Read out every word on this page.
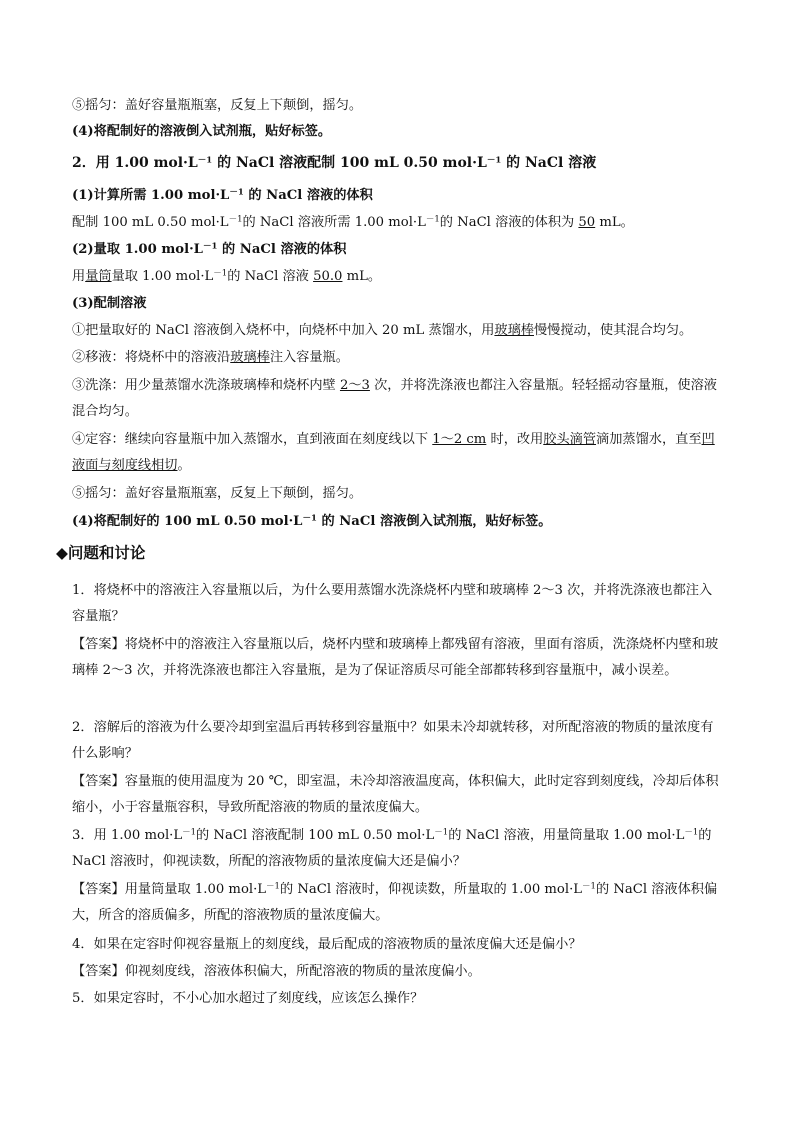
⑤摇匀：盖好容量瓶瓶塞，反复上下颠倒，摇匀。

(4)将配制好的溶液倒入试剂瓶，贴好标签。

2．用 1.00 $mol\cdot L^{-1}$ 的 NaCl 溶液配制 100 mL 0.50 $mol\cdot L^{-1}$ 的 NaCl 溶液

(1)计算所需 1.00 $mol\cdot L^{-1}$ 的 NaCl 溶液的体积

配制 100 mL 0.50 $mol\cdot L^{-1}$的 NaCl 溶液所需 1.00 $mol\cdot L^{-1}$的 NaCl 溶液的体积为 50 mL。

(2)量取 1.00 $mol\cdot L^{-1}$ 的 NaCl 溶液的体积

用量筒量取 1.00 $mol\cdot L^{-1}$的 NaCl 溶液 50.0 mL。

(3)配制溶液

①把量取好的 NaCl 溶液倒入烧杯中，向烧杯中加入 20 mL 蒸馏水，用玻璃棒慢慢搅动，使其混合均匀。

②移液：将烧杯中的溶液沿玻璃棒注入容量瓶。

③洗涤：用少量蒸馏水洗涤玻璃棒和烧杯内壁 2～3 次，并将洗涤液也都注入容量瓶。轻轻摇动容量瓶，使溶液混合均匀。

④定容：继续向容量瓶中加入蒸馏水，直到液面在刻度线以下 1～2 cm 时，改用胶头滴管滴加蒸馏水，直至凹液面与刻度线相切。

⑤摇匀：盖好容量瓶瓶塞，反复上下颠倒，摇匀。

(4)将配制好的 100 mL 0.50 $mol\cdot L^{-1}$ 的 NaCl 溶液倒入试剂瓶，贴好标签。

◆问题和讨论

1．将烧杯中的溶液注入容量瓶以后，为什么要用蒸馏水洗涤烧杯内壁和玻璃棒 2～3 次，并将洗涤液也都注入容量瓶？

【答案】将烧杯中的溶液注入容量瓶以后，烧杯内壁和玻璃棒上都残留有溶液，里面有溶质，洗涤烧杯内壁和玻璃棒 2～3 次，并将洗涤液也都注入容量瓶，是为了保证溶质尽可能全部都转移到容量瓶中，减小误差。

2．溶解后的溶液为什么要冷却到室温后再转移到容量瓶中？如果未冷却就转移，对所配溶液的物质的量浓度有什么影响？

【答案】容量瓶的使用温度为 20 ℃，即室温，未冷却溶液温度高，体积偏大，此时定容到刻度线，冷却后体积缩小，小于容量瓶容积，导致所配溶液的物质的量浓度偏大。

3．用 1.00 $mol\cdot L^{-1}$的 NaCl 溶液配制 100 mL 0.50 $mol\cdot L^{-1}$的 NaCl 溶液，用量筒量取 1.00 $mol\cdot L^{-1}$的 NaCl 溶液时，仰视读数，所配的溶液物质的量浓度偏大还是偏小？

【答案】用量筒量取 1.00 $mol\cdot L^{-1}$的 NaCl 溶液时，仰视读数，所量取的 1.00 $mol\cdot L^{-1}$的 NaCl 溶液体积偏大，所含的溶质偏多，所配的溶液物质的量浓度偏大。

4．如果在定容时仰视容量瓶上的刻度线，最后配成的溶液物质的量浓度偏大还是偏小？

【答案】仰视刻度线，溶液体积偏大，所配溶液的物质的量浓度偏小。

5．如果定容时，不小心加水超过了刻度线，应该怎么操作？
